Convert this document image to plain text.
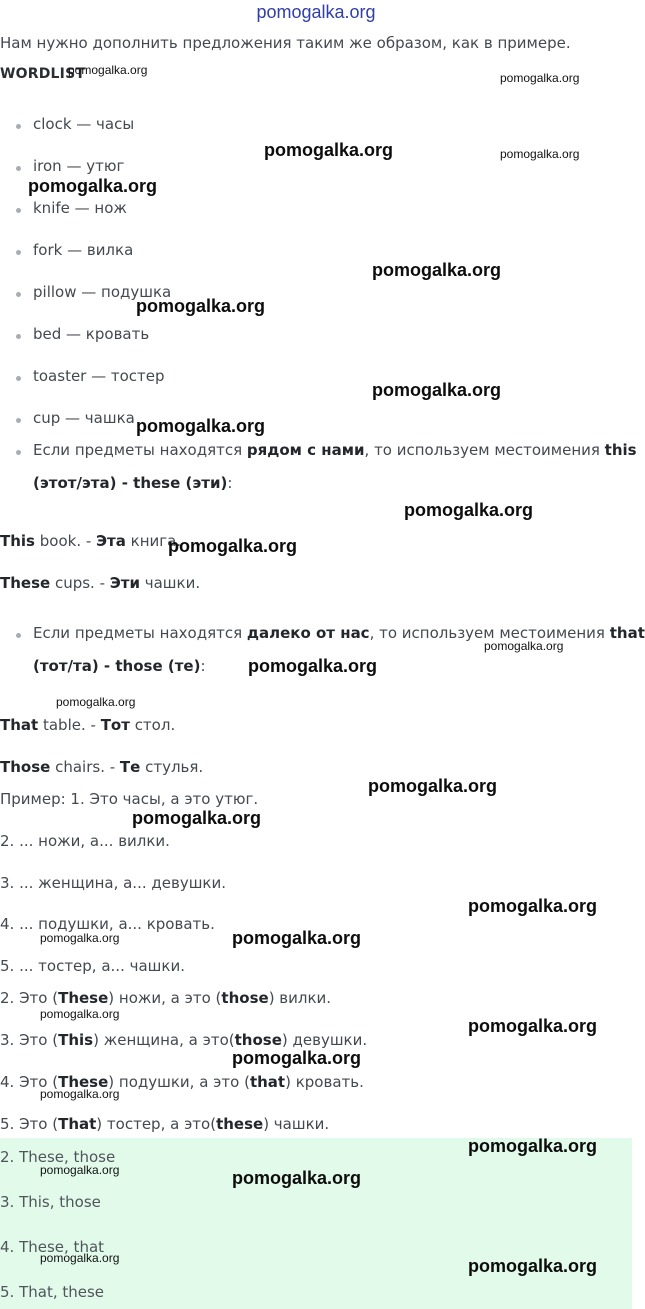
pomogalka.org
Нам нужно дополнить предложения таким же образом, как в примере.
WORDLIST
clock — часы
iron — утюг
knife — нож
fork — вилка
pillow — подушка
bed — кровать
toaster — тостер
cup — чашка
Если предметы находятся рядом с нами, то используем местоимения this
(этот/эта) - these (эти):
This book. - Эта книга.
These cups. - Эти чашки.
Если предметы находятся далеко от нас, то используем местоимения that
(тот/та) - those (те):
That table. - Тот стол.
Those chairs. - Те стулья.
Пример: 1. Это часы, а это утюг.
2. ... ножи, а... вилки.
3. ... женщина, а... девушки.
4. ... подушки, а... кровать.
5. ... тостер, а... чашки.
2. Это (These) ножи, а это (those) вилки.
3. Это (This) женщина, а это(those) девушки.
4. Это (These) подушки, а это (that) кровать.
5. Это (That) тостер, а это(these) чашки.
2. These, those
3. This, those
4. These, that
5. That, these
pomogalka.org
pomogalka.org
pomogalka.org	pomogalka.org
pomogalka.org
pomogalka.org
pomogalka.org
pomogalka.org
pomogalka.org
pomogalka.org
pomogalka.org
pomogalka.org
pomogalka.org
pomogalka.org
pomogalka.org
pomogalka.org
pomogalka.org
pomogalka.org	pomogalka.org
pomogalka.org
pomogalka.org
pomogalka.org
pomogalka.org
pomogalka.org
pomogalka.org	pomogalka.org
pomogalka.org	pomogalka.org
